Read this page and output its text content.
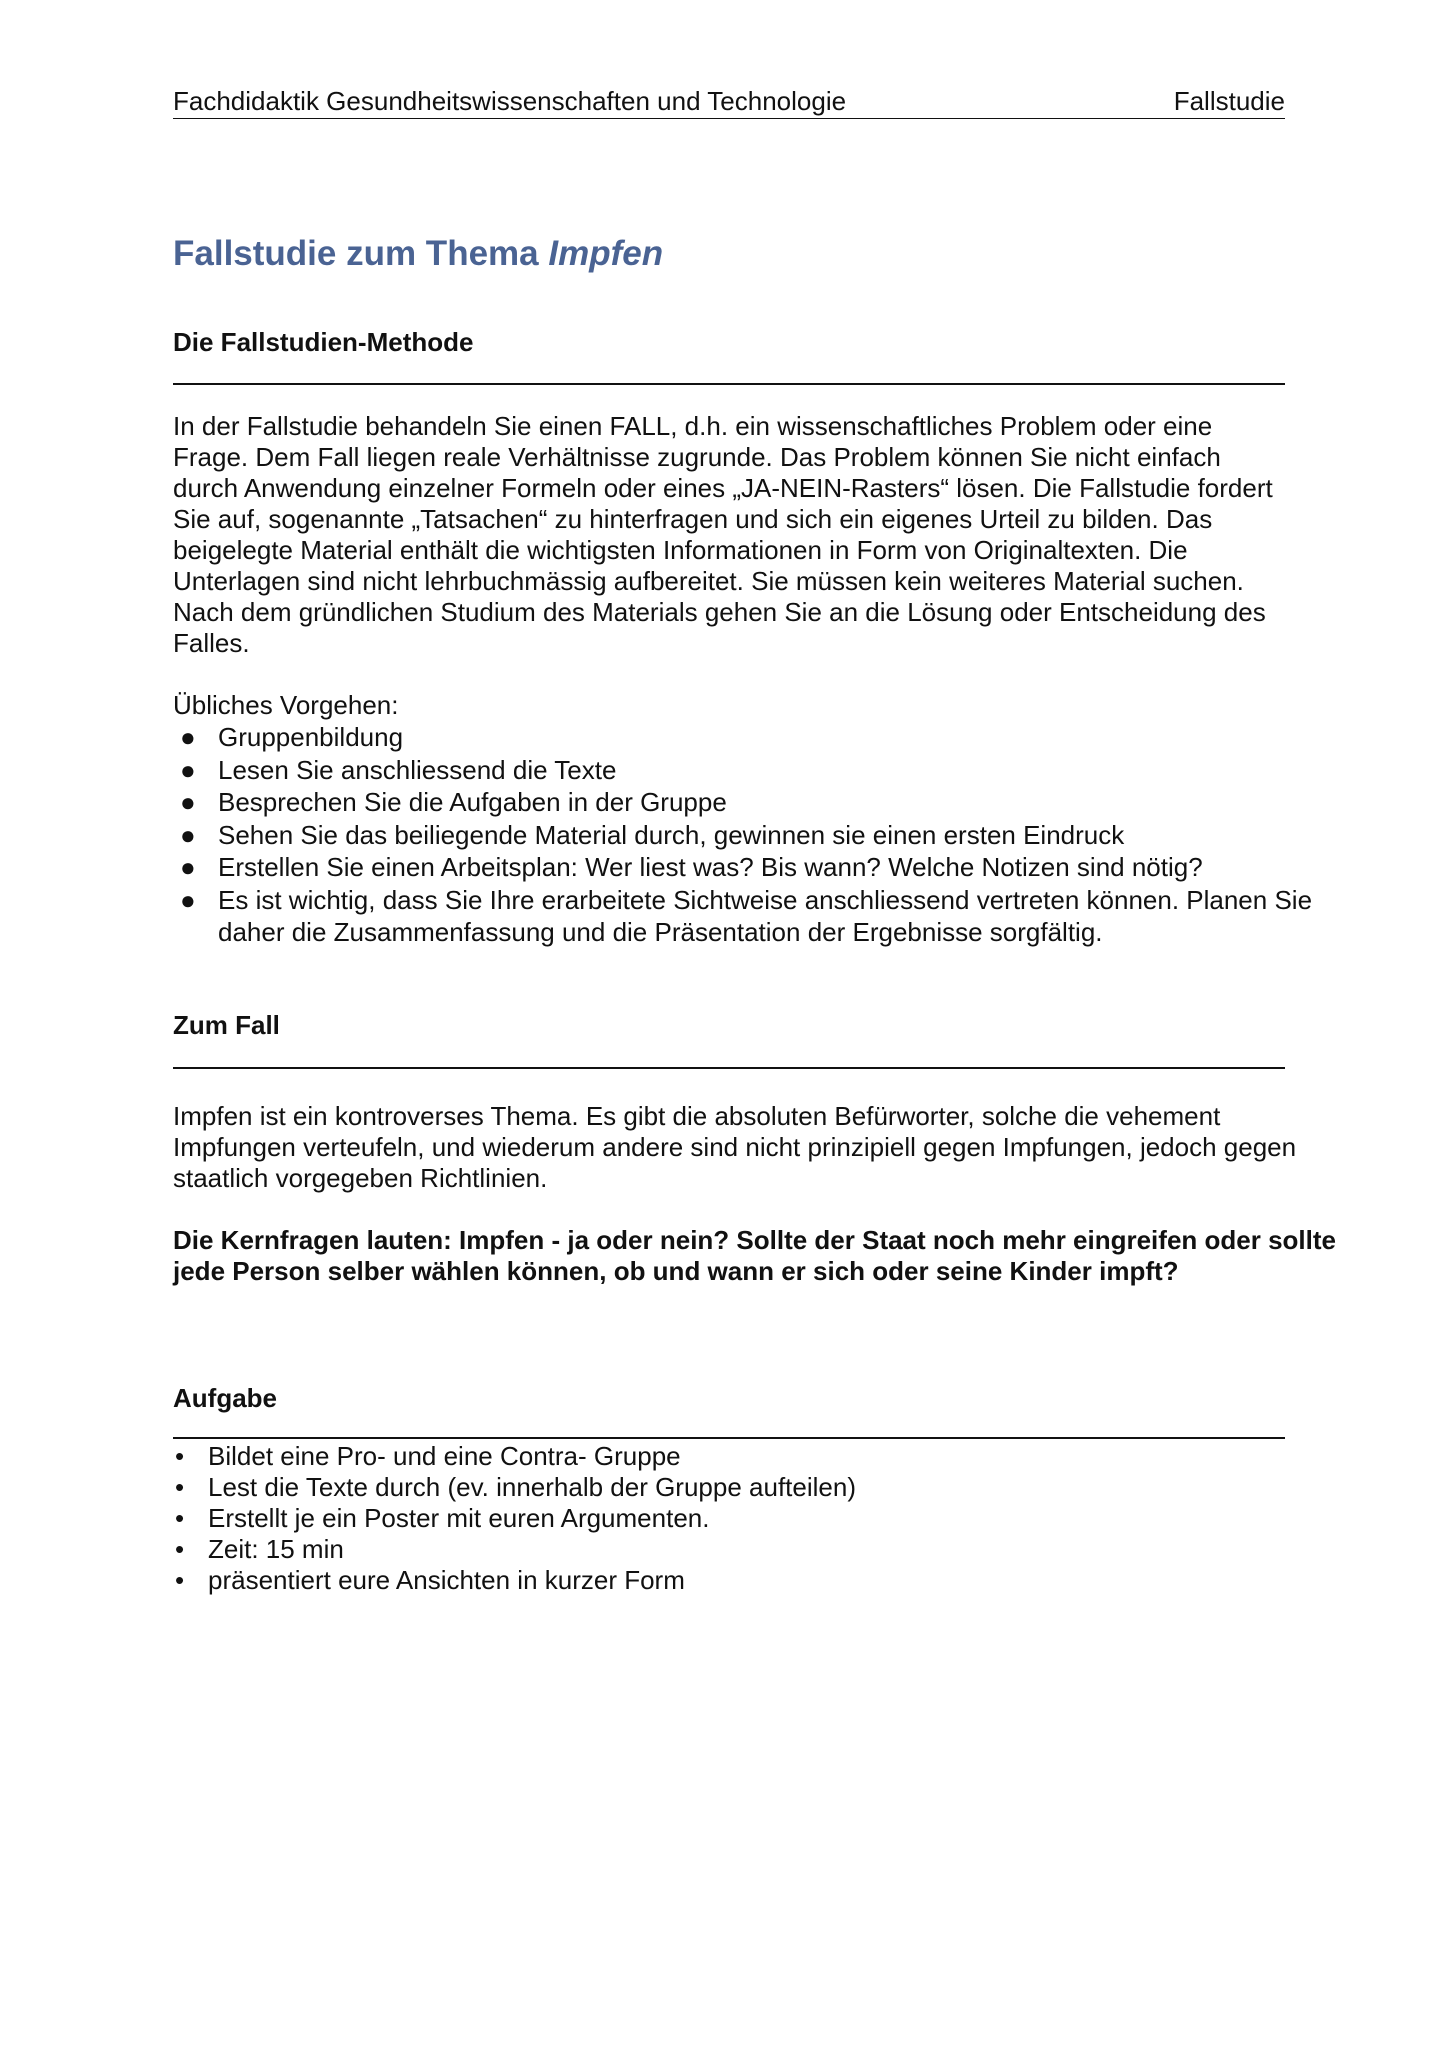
Fachdidaktik Gesundheitswissenschaften und Technologie	Fallstudie
Fallstudie zum Thema Impfen
Die Fallstudien-Methode

In der Fallstudie behandeln Sie einen FALL, d.h. ein wissenschaftliches Problem oder eine Frage. Dem Fall liegen reale Verhältnisse zugrunde. Das Problem können Sie nicht einfach durch Anwendung einzelner Formeln oder eines „JA-NEIN-Rasters“ lösen. Die Fallstudie fordert Sie auf, sogenannte „Tatsachen“ zu hinterfragen und sich ein eigenes Urteil zu bilden. Das beigelegte Material enthält die wichtigsten Informationen in Form von Originaltexten. Die Unterlagen sind nicht lehrbuchmässig aufbereitet. Sie müssen kein weiteres Material suchen. Nach dem gründlichen Studium des Materials gehen Sie an die Lösung oder Entscheidung des Falles.

Übliches Vorgehen:

● Gruppenbildung
● Lesen Sie anschliessend die Texte
● Besprechen Sie die Aufgaben in der Gruppe
● Sehen Sie das beiliegende Material durch, gewinnen sie einen ersten Eindruck
● Erstellen Sie einen Arbeitsplan: Wer liest was? Bis wann? Welche Notizen sind nötig?
● Es ist wichtig, dass Sie Ihre erarbeitete Sichtweise anschliessend vertreten können. Planen Sie daher die Zusammenfassung und die Präsentation der Ergebnisse sorgfältig.
Zum Fall

Impfen ist ein kontroverses Thema. Es gibt die absoluten Befürworter, solche die vehement Impfungen verteufeln, und wiederum andere sind nicht prinzipiell gegen Impfungen, jedoch gegen staatlich vorgegeben Richtlinien.

Die Kernfragen lauten: Impfen - ja oder nein? Sollte der Staat noch mehr eingreifen oder sollte jede Person selber wählen können, ob und wann er sich oder seine Kinder impft?

Aufgabe
• Bildet eine Pro- und eine Contra- Gruppe
• Lest die Texte durch (ev. innerhalb der Gruppe aufteilen)
• Erstellt je ein Poster mit euren Argumenten.
• Zeit: 15 min
• präsentiert eure Ansichten in kurzer Form
